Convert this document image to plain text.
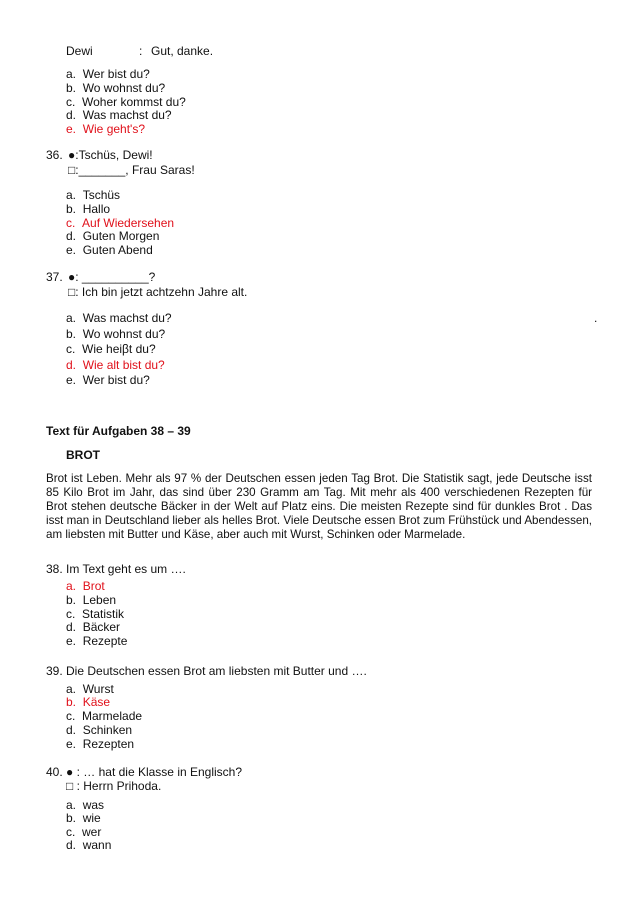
Dewi	: Gut, danke.
a. Wer bist du?
b. Wo wohnst du?
c. Woher kommst du?
d. Was machst du?
e. Wie geht's?
36. ●:Tschüs, Dewi!
□:_______, Frau Saras!
a. Tschüs
b. Hallo
c. Auf Wiedersehen
d. Guten Morgen
e. Guten Abend
37. ●: __________?
□: Ich bin jetzt achtzehn Jahre alt.
a. Was machst du?	.
b. Wo wohnst du?
c. Wie heiβt du?
d. Wie alt bist du?
e. Wer bist du?
Text für Aufgaben 38 – 39
BROT
Brot ist Leben. Mehr als 97 % der Deutschen essen jeden Tag Brot. Die Statistik sagt, jede Deutsche isst 85 Kilo Brot im Jahr, das sind über 230 Gramm am Tag. Mit mehr als 400 verschiedenen Rezepten für Brot stehen deutsche Bäcker in der Welt auf Platz eins. Die meisten Rezepte sind für dunkles Brot . Das isst man in Deutschland lieber als helles Brot. Viele Deutsche essen Brot zum Frühstück und Abendessen, am liebsten mit Butter und Käse, aber auch mit Wurst, Schinken oder Marmelade.
38. Im Text geht es um ….
a. Brot
b. Leben
c. Statistik
d. Bäcker
e. Rezepte
39. Die Deutschen essen Brot am liebsten mit Butter und ….
a. Wurst
b. Käse
c. Marmelade
d. Schinken
e. Rezepten
40. ● : … hat die Klasse in Englisch?
□ : Herrn Prihoda.
a. was
b. wie
c. wer
d. wann
